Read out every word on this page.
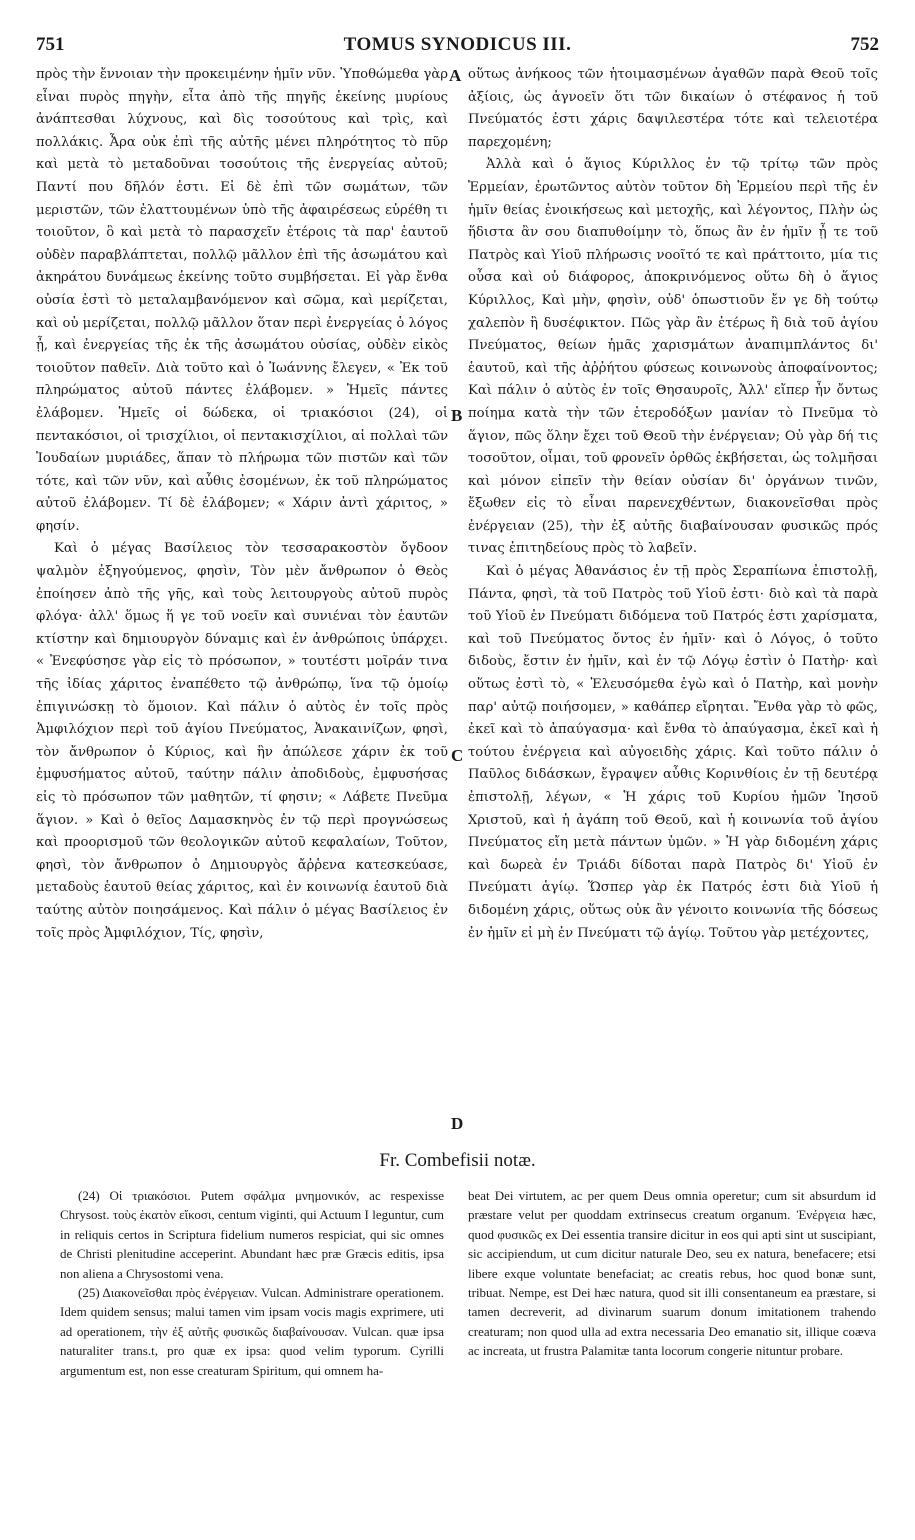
751	TOMUS SYNODICUS III.	752

πρὸς τὴν ἔννοιαν τὴν προκειμένην ἡμῖν νῦν. Ὑποθώμεθα γὰρ εἶναι πυρὸς πηγὴν, εἶτα ἀπὸ τῆς πηγῆς ἐκείνης μυρίους ἀνάπτεσθαι λύχνους, καὶ δὶς τοσούτους καὶ τρὶς, καὶ πολλάκις. Ἆρα οὐκ ἐπὶ τῆς αὐτῆς μένει πληρότητος τὸ πῦρ καὶ μετὰ τὸ μεταδοῦναι τοσούτοις τῆς ἐνεργείας αὐτοῦ; Παντί που δῆλόν ἐστι. Εἰ δὲ ἐπὶ τῶν σωμάτων, τῶν μεριστῶν, τῶν ἐλαττουμένων ὑπὸ τῆς ἀφαιρέσεως εὑρέθη τι τοιοῦτον, ὃ καὶ μετὰ τὸ παρασχεῖν ἑτέροις τὰ παρ' ἑαυτοῦ οὐδὲν παραβλάπτεται, πολλῷ μᾶλλον ἐπὶ τῆς ἀσωμάτου καὶ ἀκηράτου δυνάμεως ἐκείνης τοῦτο συμβήσεται. Εἰ γὰρ ἔνθα οὐσία ἐστὶ τὸ μεταλαμβανόμενον καὶ σῶμα, καὶ μερίζεται, καὶ οὐ μερίζεται, πολλῷ μᾶλλον ὅταν περὶ ἐνεργείας ὁ λόγος ᾖ, καὶ ἐνεργείας τῆς ἐκ τῆς ἀσωμάτου οὐσίας, οὐδὲν εἰκὸς τοιοῦτον παθεῖν. Διὰ τοῦτο καὶ ὁ Ἰωάννης ἔλεγεν, « Ἐκ τοῦ πληρώματος αὐτοῦ πάντες ἐλάβομεν. » Ἡμεῖς πάντες ἐλάβομεν. Ἡμεῖς οἱ δώδεκα, οἱ τριακόσιοι (24), οἱ πεντακόσιοι, οἱ τρισχίλιοι, οἱ πεντακισχίλιοι, αἱ πολλαὶ τῶν Ἰουδαίων μυριάδες, ἅπαν τὸ πλήρωμα τῶν πιστῶν καὶ τῶν τότε, καὶ τῶν νῦν, καὶ αὖθις ἐσομένων, ἐκ τοῦ πληρώματος αὐτοῦ ἐλάβομεν. Τί δὲ ἐλάβομεν; « Χάριν ἀντὶ χάριτος, » φησίν.

Καὶ ὁ μέγας Βασίλειος τὸν τεσσαρακοστὸν ὄγδοον ψαλμὸν ἐξηγούμενος, φησὶν, Τὸν μὲν ἄνθρωπον ὁ Θεὸς ἐποίησεν ἀπὸ τῆς γῆς, καὶ τοὺς λειτουργοὺς αὐτοῦ πυρὸς φλόγα· ἀλλ' ὅμως ἥ γε τοῦ νοεῖν καὶ συνιέναι τὸν ἑαυτῶν κτίστην καὶ δημιουργὸν δύναμις καὶ ἐν ἀνθρώποις ὑπάρχει. « Ἐνεφύσησε γὰρ εἰς τὸ πρόσωπον, » τουτέστι μοῖράν τινα τῆς ἰδίας χάριτος ἐναπέθετο τῷ ἀνθρώπῳ, ἵνα τῷ ὁμοίῳ ἐπιγινώσκῃ τὸ ὅμοιον. Καὶ πάλιν ὁ αὐτὸς ἐν τοῖς πρὸς Ἀμφιλόχιον περὶ τοῦ ἁγίου Πνεύματος, Ἀνακαινίζων, φησὶ, τὸν ἄνθρωπον ὁ Κύριος, καὶ ἣν ἀπώλεσε χάριν ἐκ τοῦ ἐμφυσήματος αὐτοῦ, ταύτην πάλιν ἀποδιδοὺς, ἐμφυσήσας εἰς τὸ πρόσωπον τῶν μαθητῶν, τί φησιν; « Λάβετε Πνεῦμα ἅγιον. » Καὶ ὁ θεῖος Δαμασκηνὸς ἐν τῷ περὶ προγνώσεως καὶ προορισμοῦ τῶν θεολογικῶν αὐτοῦ κεφαλαίων, Τοῦτον, φησὶ, τὸν ἄνθρωπον ὁ Δημιουργὸς ἄῤῥενα κατεσκεύασε, μεταδοὺς ἑαυτοῦ θείας χάριτος, καὶ ἐν κοινωνίᾳ ἑαυτοῦ διὰ ταύτης αὐτὸν ποιησάμενος. Καὶ πάλιν ὁ μέγας Βασίλειος ἐν τοῖς πρὸς Ἀμφιλόχιον, Τίς, φησὶν,

A
B
C
D

οὕτως ἀνήκοος τῶν ἡτοιμασμένων ἀγαθῶν παρὰ Θεοῦ τοῖς ἀξίοις, ὡς ἀγνοεῖν ὅτι τῶν δικαίων ὁ στέφανος ἡ τοῦ Πνεύματός ἐστι χάρις δαψιλεστέρα τότε καὶ τελειοτέρα παρεχομένη;

Ἀλλὰ καὶ ὁ ἅγιος Κύριλλος ἐν τῷ τρίτῳ τῶν πρὸς Ἑρμείαν, ἐρωτῶντος αὐτὸν τοῦτον δὴ Ἑρμείου περὶ τῆς ἐν ἡμῖν θείας ἐνοικήσεως καὶ μετοχῆς, καὶ λέγοντος, Πλὴν ὡς ἥδιστα ἂν σου διαπυθοίμην τὸ, ὅπως ἂν ἐν ἡμῖν ᾖ τε τοῦ Πατρὸς καὶ Υἱοῦ πλήρωσις νοοῖτό τε καὶ πράττοιτο, μία τις οὖσα καὶ οὐ διάφορος, ἀποκρινόμενος οὕτω δὴ ὁ ἅγιος Κύριλλος, Καὶ μὴν, φησὶν, οὐδ' ὁπωστιοῦν ἔν γε δὴ τούτῳ χαλεπὸν ἢ δυσέφικτον. Πῶς γὰρ ἂν ἑτέρως ἢ διὰ τοῦ ἁγίου Πνεύματος, θείων ἡμᾶς χαρισμάτων ἀναπιμπλάντος δι' ἑαυτοῦ, καὶ τῆς ἀῤῥήτου φύσεως κοινωνοὺς ἀποφαίνοντος; Καὶ πάλιν ὁ αὐτὸς ἐν τοῖς Θησαυροῖς, Ἀλλ' εἴπερ ἦν ὄντως ποίημα κατὰ τὴν τῶν ἑτεροδόξων μανίαν τὸ Πνεῦμα τὸ ἅγιον, πῶς ὅλην ἔχει τοῦ Θεοῦ τὴν ἐνέργειαν; Οὐ γὰρ δή τις τοσοῦτον, οἶμαι, τοῦ φρονεῖν ὀρθῶς ἐκβήσεται, ὡς τολμῆσαι καὶ μόνον εἰπεῖν τὴν θείαν οὐσίαν δι' ὀργάνων τινῶν, ἔξωθεν εἰς τὸ εἶναι παρενεχθέντων, διακονεῖσθαι πρὸς ἐνέργειαν (25), τὴν ἐξ αὐτῆς διαβαίνουσαν φυσικῶς πρός τινας ἐπιτηδείους πρὸς τὸ λαβεῖν.

Καὶ ὁ μέγας Ἀθανάσιος ἐν τῇ πρὸς Σεραπίωνα ἐπιστολῇ, Πάντα, φησὶ, τὰ τοῦ Πατρὸς τοῦ Υἱοῦ ἐστι· διὸ καὶ τὰ παρὰ τοῦ Υἱοῦ ἐν Πνεύματι διδόμενα τοῦ Πατρός ἐστι χαρίσματα, καὶ τοῦ Πνεύματος ὄντος ἐν ἡμῖν· καὶ ὁ Λόγος, ὁ τοῦτο διδοὺς, ἔστιν ἐν ἡμῖν, καὶ ἐν τῷ Λόγῳ ἐστὶν ὁ Πατὴρ· καὶ οὕτως ἐστὶ τὸ, « Ἐλευσόμεθα ἐγὼ καὶ ὁ Πατὴρ, καὶ μονὴν παρ' αὐτῷ ποιήσομεν, » καθάπερ εἴρηται. Ἔνθα γὰρ τὸ φῶς, ἐκεῖ καὶ τὸ ἀπαύγασμα· καὶ ἔνθα τὸ ἀπαύγασμα, ἐκεῖ καὶ ἡ τούτου ἐνέργεια καὶ αὐγοειδὴς χάρις. Καὶ τοῦτο πάλιν ὁ Παῦλος διδάσκων, ἔγραψεν αὖθις Κορινθίοις ἐν τῇ δευτέρᾳ ἐπιστολῇ, λέγων, « Ἡ χάρις τοῦ Κυρίου ἡμῶν Ἰησοῦ Χριστοῦ, καὶ ἡ ἀγάπη τοῦ Θεοῦ, καὶ ἡ κοινωνία τοῦ ἁγίου Πνεύματος εἴη μετὰ πάντων ὑμῶν. » Ἡ γὰρ διδομένη χάρις καὶ δωρεὰ ἐν Τριάδι δίδοται παρὰ Πατρὸς δι' Υἱοῦ ἐν Πνεύματι ἁγίῳ. Ὥσπερ γὰρ ἐκ Πατρός ἐστι διὰ Υἱοῦ ἡ διδομένη χάρις, οὕτως οὐκ ἂν γένοιτο κοινωνία τῆς δόσεως ἐν ἡμῖν εἰ μὴ ἐν Πνεύματι τῷ ἁγίῳ. Τοῦτου γὰρ μετέχοντες,

Fr. Combefisii notæ.

(24) Οἱ τριακόσιοι. Putem σφάλμα μνημονικόν, ac respexisse Chrysost. τοὺς ἑκατὸν εἴκοσι, centum viginti, qui Actuum I leguntur, cum in reliquis certos in Scriptura fidelium numeros respiciat, qui sic omnes de Christi plenitudine acceperint. Abundant hæc præ Græcis editis, ipsa non aliena a Chrysostomi vena.

(25) Διακονεῖσθαι πρὸς ἐνέργειαν. Vulcan. Administrare operationem. Idem quidem sensus; malui tamen vim ipsam vocis magis exprimere, uti ad operationem, τὴν ἐξ αὐτῆς φυσικῶς διαβαίνουσαν. Vulcan. quæ ipsa naturaliter trans.t, pro quæ ex ipsa: quod velim typorum. Cyrilli argumentum est, non esse creaturam Spiritum, qui omnem ha-

beat Dei virtutem, ac per quem Deus omnia operetur; cum sit absurdum id præstare velut per quoddam extrinsecus creatum organum. Ἐνέργεια hæc, quod φυσικῶς ex Dei essentia transire dicitur in eos qui apti sint ut suscipiant, sic accipiendum, ut cum dicitur naturale Deo, seu ex natura, benefacere; etsi libere exque voluntate benefaciat; ac creatis rebus, hoc quod bonæ sunt, tribuat. Nempe, est Dei hæc natura, quod sit illi consentaneum ea præstare, si tamen decreverit, ad divinarum suarum donum imitationem trahendo creaturam; non quod ulla ad extra necessaria Deo emanatio sit, illique coæva ac increata, ut frustra Palamitæ tanta locorum congerie nituntur probare.
